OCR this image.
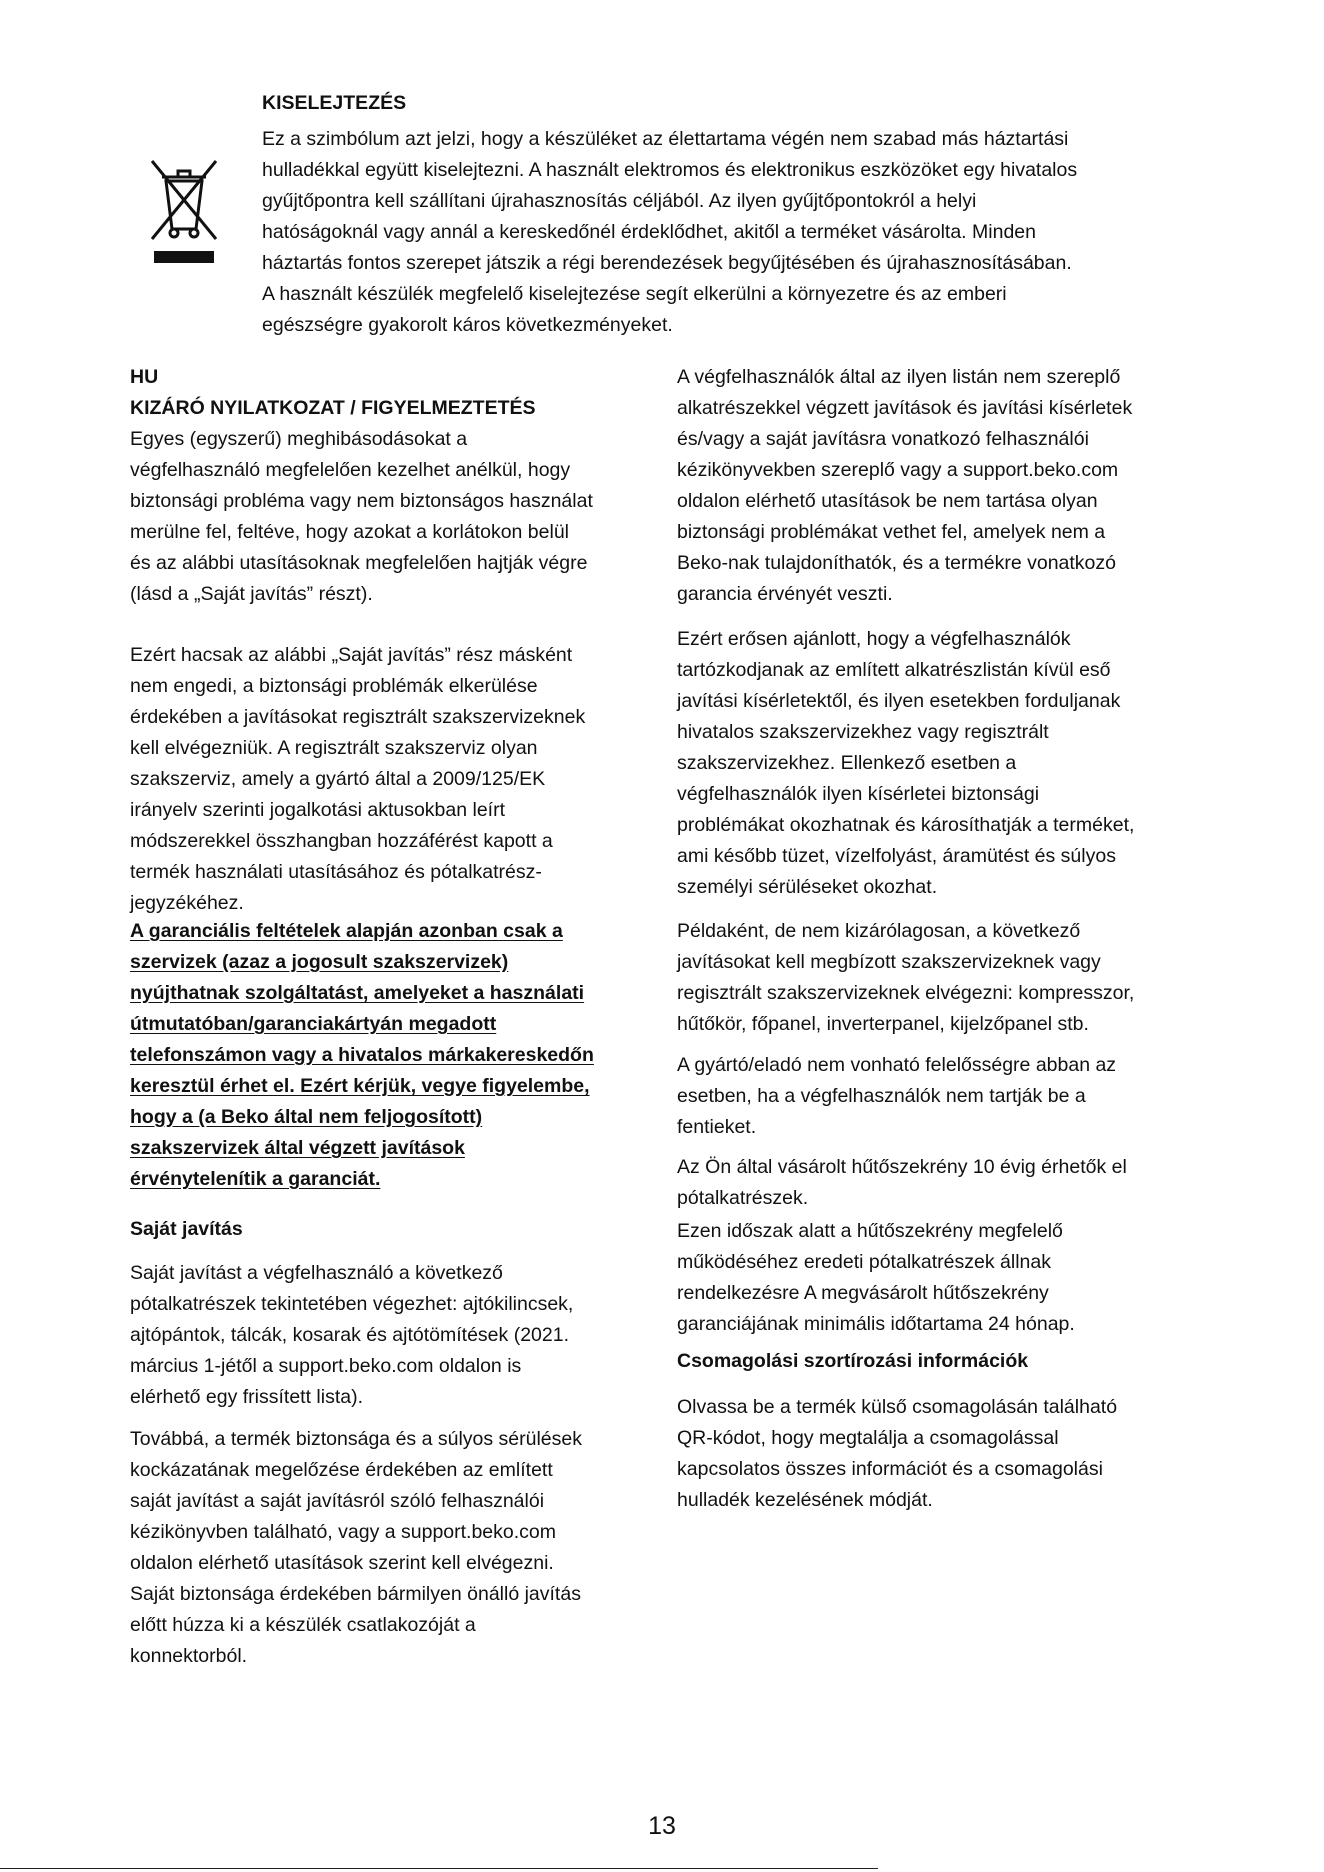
KISELEJTEZÉS
Ez a szimbólum azt jelzi, hogy a készüléket az élettartama végén nem szabad más háztartási
hulladékkal együtt kiselejtezni. A használt elektromos és elektronikus eszközöket egy hivatalos
gyűjtőpontra kell szállítani újrahasznosítás céljából. Az ilyen gyűjtőpontokról a helyi
hatóságoknál vagy annál a kereskedőnél érdeklődhet, akitől a terméket vásárolta. Minden
háztartás fontos szerepet játszik a régi berendezések begyűjtésében és újrahasznosításában.
A használt készülék megfelelő kiselejtezése segít elkerülni a környezetre és az emberi
egészségre gyakorolt káros következményeket.
HU
KIZÁRÓ NYILATKOZAT / FIGYELMEZTETÉS
Egyes (egyszerű) meghibásodásokat a
végfelhasználó megfelelően kezelhet anélkül, hogy
biztonsági probléma vagy nem biztonságos használat
merülne fel, feltéve, hogy azokat a korlátokon belül
és az alábbi utasításoknak megfelelően hajtják végre
(lásd a „Saját javítás” részt).
Ezért hacsak az alábbi „Saját javítás” rész másként
nem engedi, a biztonsági problémák elkerülése
érdekében a javításokat regisztrált szakszervizeknek
kell elvégezniük. A regisztrált szakszerviz olyan
szakszerviz, amely a gyártó által a 2009/125/EK
irányelv szerinti jogalkotási aktusokban leírt
módszerekkel összhangban hozzáférést kapott a
termék használati utasításához és pótalkatrész-
jegyzékéhez.
A garanciális feltételek alapján azonban csak a
szervizek (azaz a jogosult szakszervizek)
nyújthatnak szolgáltatást, amelyeket a használati
útmutatóban/garanciakártyán megadott
telefonszámon vagy a hivatalos márkakereskedőn
keresztül érhet el. Ezért kérjük, vegye figyelembe,
hogy a (a Beko által nem feljogosított)
szakszervizek által végzett javítások
érvénytelenítik a garanciát.
Saját javítás
Saját javítást a végfelhasználó a következő
pótalkatrészek tekintetében végezhet: ajtókilincsek,
ajtópántok, tálcák, kosarak és ajtótömítések (2021.
március 1-jétől a support.beko.com oldalon is
elérhető egy frissített lista).
Továbbá, a termék biztonsága és a súlyos sérülések
kockázatának megelőzése érdekében az említett
saját javítást a saját javításról szóló felhasználói
kézikönyvben található, vagy a support.beko.com
oldalon elérhető utasítások szerint kell elvégezni.
Saját biztonsága érdekében bármilyen önálló javítás
előtt húzza ki a készülék csatlakozóját a
konnektorból.
A végfelhasználók által az ilyen listán nem szereplő
alkatrészekkel végzett javítások és javítási kísérletek
és/vagy a saját javításra vonatkozó felhasználói
kézikönyvekben szereplő vagy a support.beko.com
oldalon elérhető utasítások be nem tartása olyan
biztonsági problémákat vethet fel, amelyek nem a
Beko-nak tulajdoníthatók, és a termékre vonatkozó
garancia érvényét veszti.
Ezért erősen ajánlott, hogy a végfelhasználók
tartózkodjanak az említett alkatrészlistán kívül eső
javítási kísérletektől, és ilyen esetekben forduljanak
hivatalos szakszervizekhez vagy regisztrált
szakszervizekhez. Ellenkező esetben a
végfelhasználók ilyen kísérletei biztonsági
problémákat okozhatnak és károsíthatják a terméket,
ami később tüzet, vízelfolyást, áramütést és súlyos
személyi sérüléseket okozhat.
Példaként, de nem kizárólagosan, a következő
javításokat kell megbízott szakszervizeknek vagy
regisztrált szakszervizeknek elvégezni: kompresszor,
hűtőkör, főpanel, inverterpanel, kijelzőpanel stb.
A gyártó/eladó nem vonható felelősségre abban az
esetben, ha a végfelhasználók nem tartják be a
fentieket.
Az Ön által vásárolt hűtőszekrény 10 évig érhetők el
pótalkatrészek.
Ezen időszak alatt a hűtőszekrény megfelelő
működéséhez eredeti pótalkatrészek állnak
rendelkezésre A megvásárolt hűtőszekrény
garanciájának minimális időtartama 24 hónap.
Csomagolási szortírozási információk
Olvassa be a termék külső csomagolásán található
QR-kódot, hogy megtalálja a csomagolással
kapcsolatos összes információt és a csomagolási
hulladék kezelésének módját.
13
